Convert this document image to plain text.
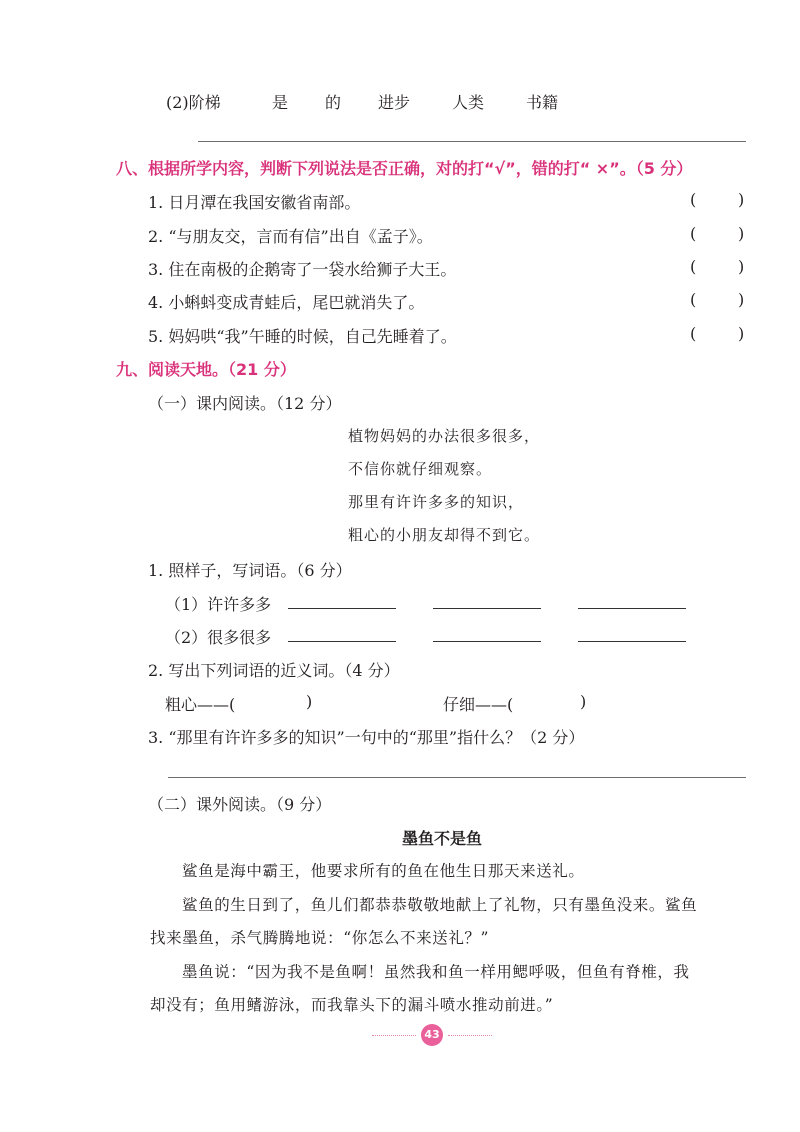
(2)阶梯	是 的 进步	人类	书籍
八、根据所学内容，判断下列说法是否正确，对的打“√”，错的打“ ×”。（5 分）
1. 日月潭在我国安徽省南部。	(	)
2. “与朋友交，言而有信”出自《孟子》。	(	)
3. 住在南极的企鹅寄了一袋水给狮子大王。	(	)
4. 小蝌蚪变成青蛙后，尾巴就消失了。	(	)
5. 妈妈哄“我”午睡的时候，自己先睡着了。	(	)
九、阅读天地。（21 分）
（一）课内阅读。（12 分）
植物妈妈的办法很多很多，
不信你就仔细观察。
那里有许许多多的知识，
粗心的小朋友却得不到它。
1. 照样子，写词语。（6 分）
（1）许许多多
（2）很多很多
2. 写出下列词语的近义词。（4 分）
粗心——(	)	仔细——(	)
3. “那里有许许多多的知识”一句中的“那里”指什么？（2 分）
（二）课外阅读。（9 分）
墨鱼不是鱼
鲨鱼是海中霸王，他要求所有的鱼在他生日那天来送礼。
鲨鱼的生日到了，鱼儿们都恭恭敬敬地献上了礼物，只有墨鱼没来。鲨鱼
找来墨鱼，杀气腾腾地说：“你怎么不来送礼？”
墨鱼说：“因为我不是鱼啊！虽然我和鱼一样用鳃呼吸，但鱼有脊椎，我
却没有；鱼用鳍游泳，而我靠头下的漏斗喷水推动前进。”
43
